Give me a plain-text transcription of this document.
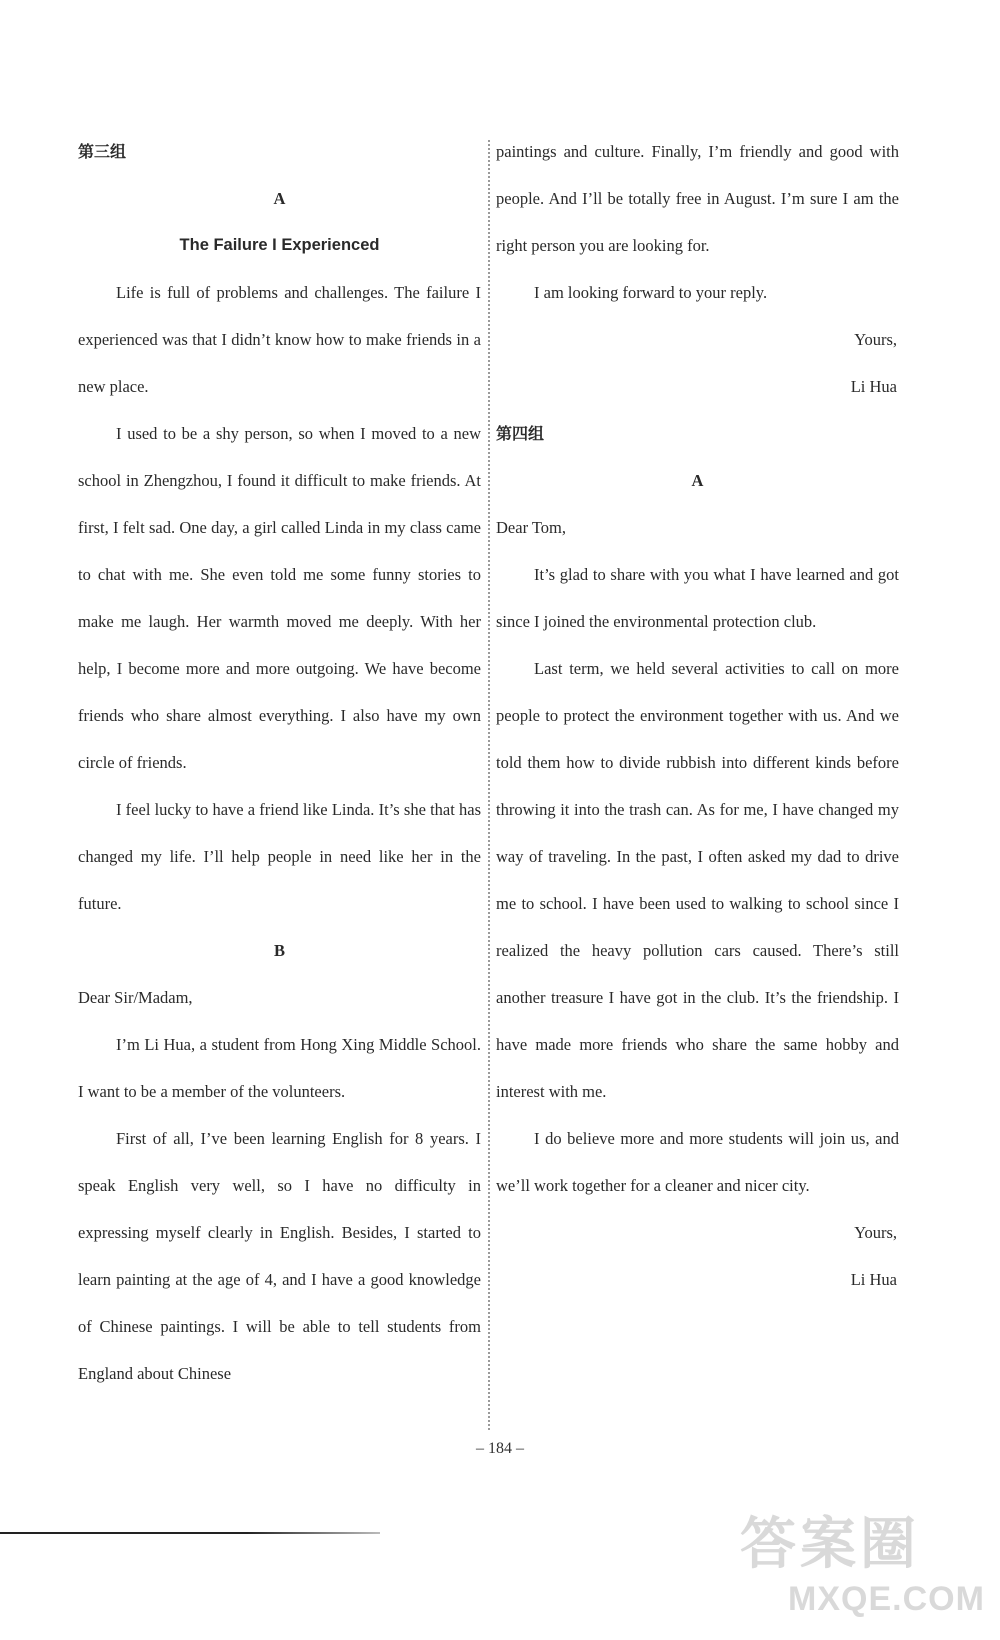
第三组

A

The Failure I Experienced

Life is full of problems and challenges. The failure I experienced was that I didn’t know how to make friends in a new place.

I used to be a shy person, so when I moved to a new school in Zhengzhou, I found it difficult to make friends. At first, I felt sad. One day, a girl called Linda in my class came to chat with me. She even told me some funny stories to make me laugh. Her warmth moved me deeply. With her help, I become more and more outgoing. We have become friends who share almost everything. I also have my own circle of friends.

I feel lucky to have a friend like Linda. It’s she that has changed my life. I’ll help people in need like her in the future.

B

Dear Sir/Madam,

I’m Li Hua, a student from Hong Xing Middle School. I want to be a member of the volunteers.

First of all, I’ve been learning English for 8 years. I speak English very well, so I have no difficulty in expressing myself clearly in English. Besides, I started to learn painting at the age of 4, and I have a good knowledge of Chinese paintings. I will be able to tell students from England about Chinese

paintings and culture. Finally, I’m friendly and good with people. And I’ll be totally free in August. I’m sure I am the right person you are looking for.

I am looking forward to your reply.

Yours,

Li Hua

第四组

A

Dear Tom,

It’s glad to share with you what I have learned and got since I joined the environmental protection club.

Last term, we held several activities to call on more people to protect the environment together with us. And we told them how to divide rubbish into different kinds before throwing it into the trash can. As for me, I have changed my way of traveling. In the past, I often asked my dad to drive me to school. I have been used to walking to school since I realized the heavy pollution cars caused. There’s still another treasure I have got in the club. It’s the friendship. I have made more friends who share the same hobby and interest with me.

I do believe more and more students will join us, and we’ll work together for a cleaner and nicer city.

Yours,

Li Hua

– 184 –
答案圈
MXQE.COM
